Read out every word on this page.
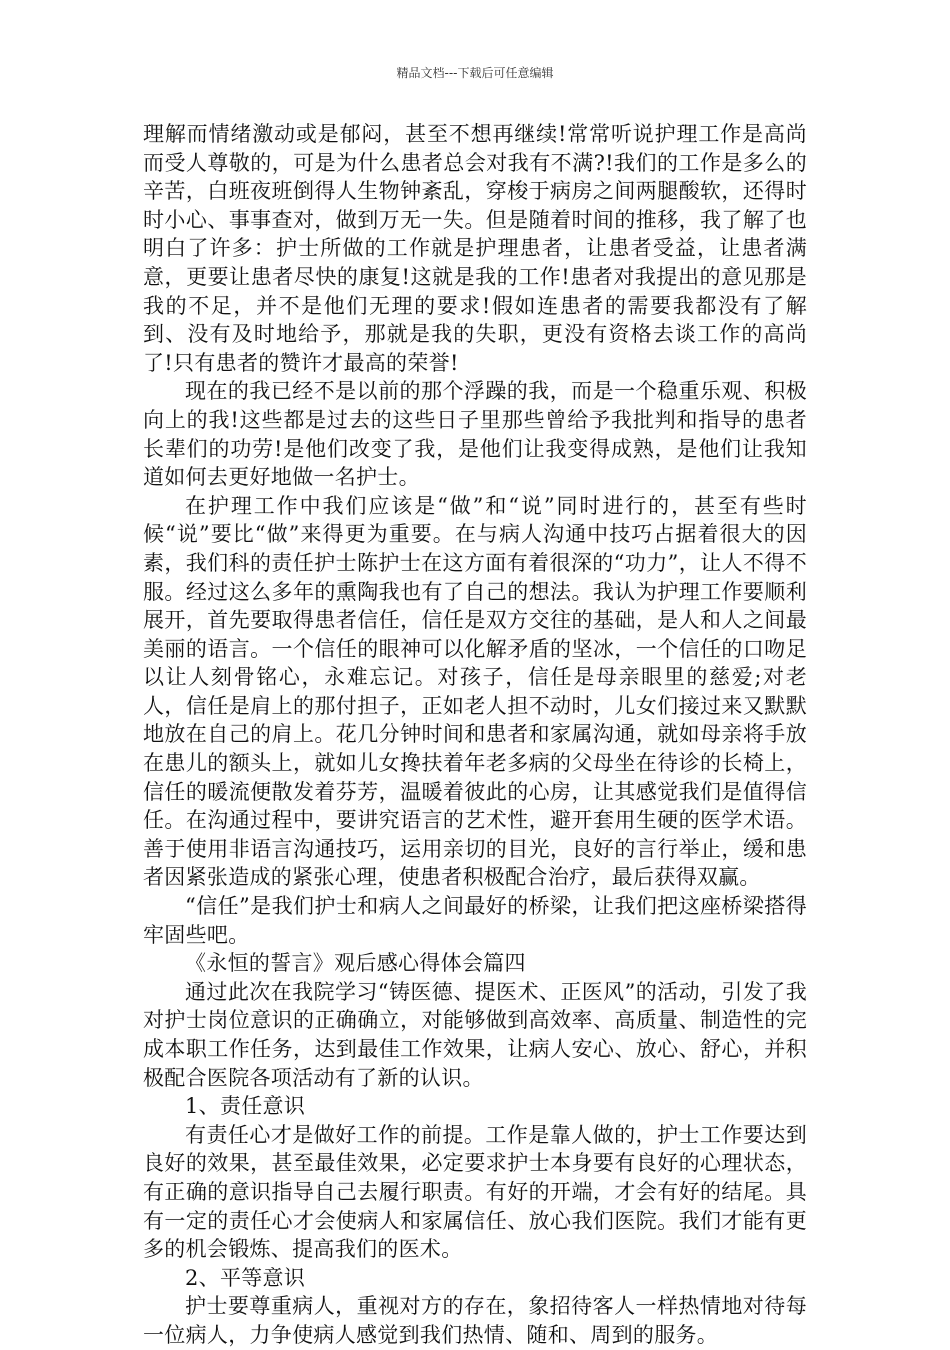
精品文档---下载后可任意编辑

理解而情绪激动或是郁闷，甚至不想再继续!常常听说护理工作是高尚而受人尊敬的，可是为什么患者总会对我有不满?!我们的工作是多么的辛苦，白班夜班倒得人生物钟紊乱，穿梭于病房之间两腿酸软，还得时时小心、事事查对，做到万无一失。但是随着时间的推移，我了解了也明白了许多：护士所做的工作就是护理患者，让患者受益，让患者满意，更要让患者尽快的康复!这就是我的工作!患者对我提出的意见那是我的不足，并不是他们无理的要求!假如连患者的需要我都没有了解到、没有及时地给予，那就是我的失职，更没有资格去谈工作的高尚了!只有患者的赞许才最高的荣誉!

现在的我已经不是以前的那个浮躁的我，而是一个稳重乐观、积极向上的我!这些都是过去的这些日子里那些曾给予我批判和指导的患者长辈们的功劳!是他们改变了我，是他们让我变得成熟，是他们让我知道如何去更好地做一名护士。

在护理工作中我们应该是“做”和“说”同时进行的，甚至有些时候“说”要比“做”来得更为重要。在与病人沟通中技巧占据着很大的因素，我们科的责任护士陈护士在这方面有着很深的“功力”，让人不得不服。经过这么多年的熏陶我也有了自己的想法。我认为护理工作要顺利展开，首先要取得患者信任，信任是双方交往的基础，是人和人之间最美丽的语言。一个信任的眼神可以化解矛盾的坚冰，一个信任的口吻足以让人刻骨铭心，永难忘记。对孩子，信任是母亲眼里的慈爱;对老人，信任是肩上的那付担子，正如老人担不动时，儿女们接过来又默默地放在自己的肩上。花几分钟时间和患者和家属沟通，就如母亲将手放在患儿的额头上，就如儿女搀扶着年老多病的父母坐在待诊的长椅上，信任的暖流便散发着芬芳，温暖着彼此的心房，让其感觉我们是值得信任。在沟通过程中，要讲究语言的艺术性，避开套用生硬的医学术语。善于使用非语言沟通技巧，运用亲切的目光，良好的言行举止，缓和患者因紧张造成的紧张心理，使患者积极配合治疗，最后获得双赢。

“信任”是我们护士和病人之间最好的桥梁，让我们把这座桥梁搭得牢固些吧。

《永恒的誓言》观后感心得体会篇四

通过此次在我院学习“铸医德、提医术、正医风”的活动，引发了我对护士岗位意识的正确确立，对能够做到高效率、高质量、制造性的完成本职工作任务，达到最佳工作效果，让病人安心、放心、舒心，并积极配合医院各项活动有了新的认识。

1、责任意识

有责任心才是做好工作的前提。工作是靠人做的，护士工作要达到良好的效果，甚至最佳效果，必定要求护士本身要有良好的心理状态，有正确的意识指导自己去履行职责。有好的开端，才会有好的结尾。具有一定的责任心才会使病人和家属信任、放心我们医院。我们才能有更多的机会锻炼、提高我们的医术。

2、平等意识

护士要尊重病人，重视对方的存在，象招待客人一样热情地对待每一位病人，力争使病人感觉到我们热情、随和、周到的服务。
